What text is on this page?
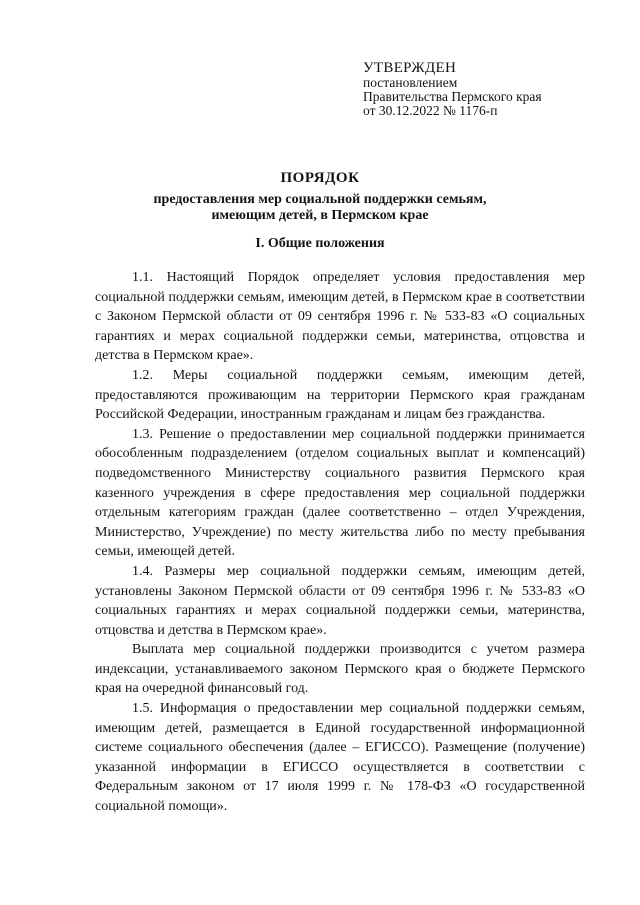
УТВЕРЖДЕН
постановлением
Правительства Пермского края
от 30.12.2022 № 1176-п
ПОРЯДОК
предоставления мер социальной поддержки семьям,
имеющим детей, в Пермском крае
I. Общие положения

1.1. Настоящий Порядок определяет условия предоставления мер социальной поддержки семьям, имеющим детей, в Пермском крае в соответствии с Законом Пермской области от 09 сентября 1996 г. № 533-83 «О социальных гарантиях и мерах социальной поддержки семьи, материнства, отцовства и детства в Пермском крае».

1.2. Меры социальной поддержки семьям, имеющим детей, предоставляются проживающим на территории Пермского края гражданам Российской Федерации, иностранным гражданам и лицам без гражданства.

1.3. Решение о предоставлении мер социальной поддержки принимается обособленным подразделением (отделом социальных выплат и компенсаций) подведомственного Министерству социального развития Пермского края казенного учреждения в сфере предоставления мер социальной поддержки отдельным категориям граждан (далее соответственно – отдел Учреждения, Министерство, Учреждение) по месту жительства либо по месту пребывания семьи, имеющей детей.

1.4. Размеры мер социальной поддержки семьям, имеющим детей, установлены Законом Пермской области от 09 сентября 1996 г. № 533-83 «О социальных гарантиях и мерах социальной поддержки семьи, материнства, отцовства и детства в Пермском крае».

Выплата мер социальной поддержки производится с учетом размера индексации, устанавливаемого законом Пермского края о бюджете Пермского края на очередной финансовый год.

1.5. Информация о предоставлении мер социальной поддержки семьям, имеющим детей, размещается в Единой государственной информационной системе социального обеспечения (далее – ЕГИССО). Размещение (получение) указанной информации в ЕГИССО осуществляется в соответствии с Федеральным законом от 17 июля 1999 г. № 178-ФЗ «О государственной социальной помощи».
